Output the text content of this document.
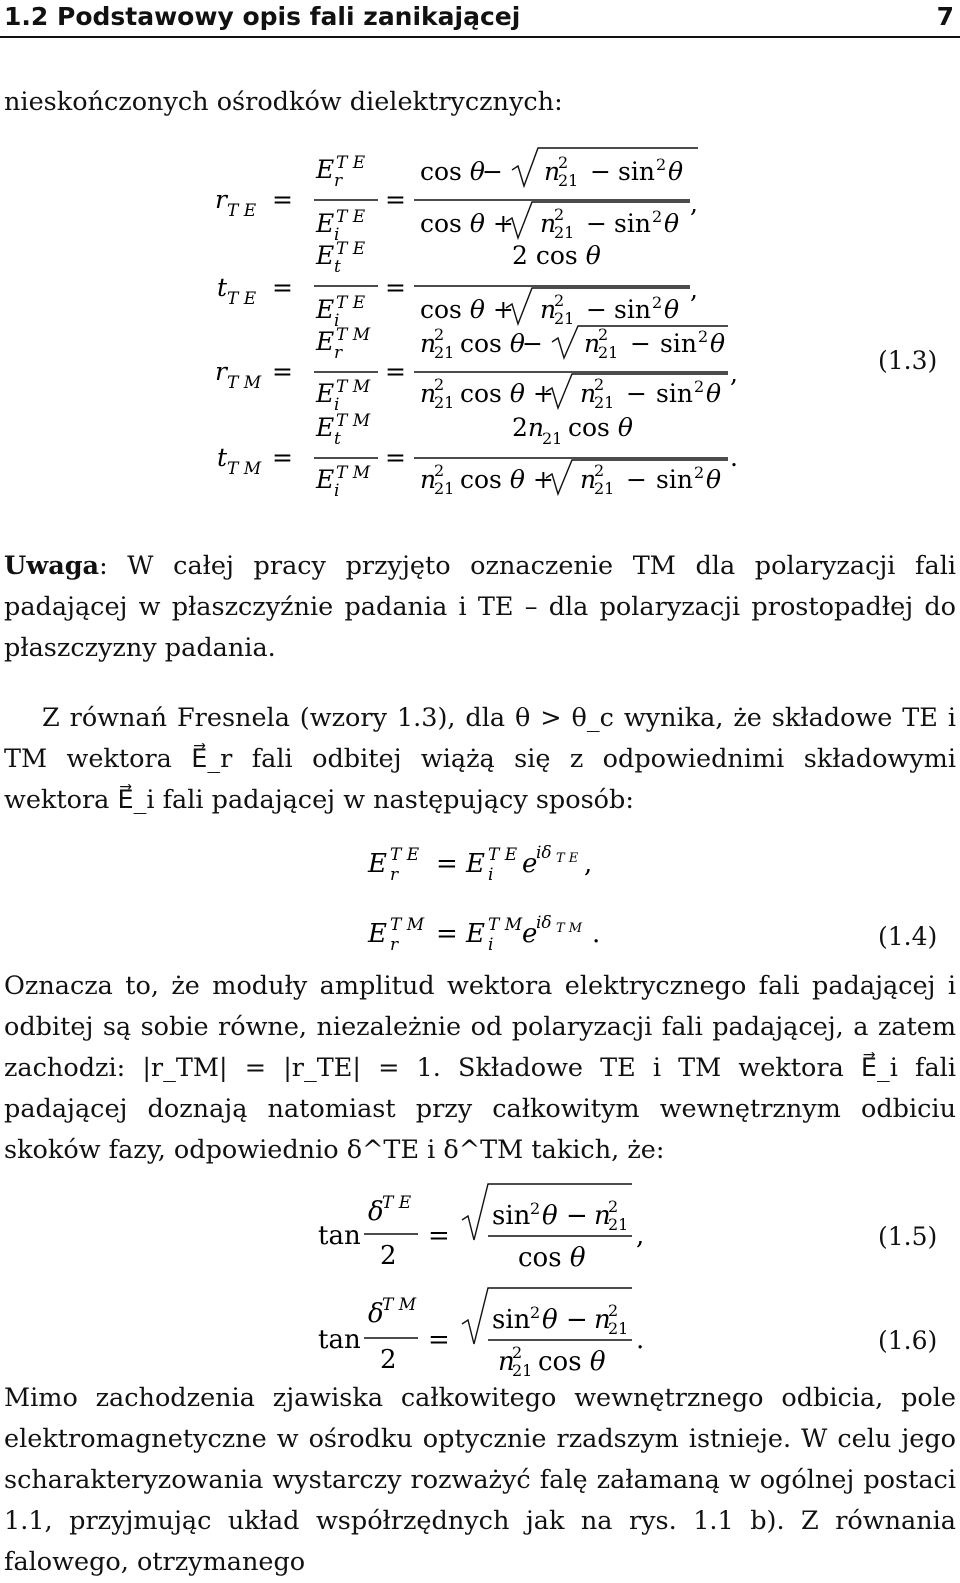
1.2 Podstawowy opis fali zanikającej	7
nieskończonych ośrodków dielektrycznych:
r T E =
E T E
r
E T E
i
=
cos θ
− n
2
21 − sin 2 θ
cos θ + n
2
21 − sin 2 θ
,
t T E =
E T E
t
E T E
i
=
2 cos θ
cos θ + n
2
21 − sin 2 θ
,
r T M =
E T M
r
E T M
i
=
n
2
21 cos θ
− n
2
21 − sin 2 θ
n
2
21 cos θ + n
2
21 − sin 2 θ
,
t T M =
E T M
t
E T M
i
=
2n
21 cos θ
n
2
21 cos θ + n
2
21 − sin 2 θ
.
(1.3)
Uwaga: W całej pracy przyjęto oznaczenie TM dla polaryzacji fali padającej w płaszczyźnie padania i TE – dla polaryzacji prostopadłej do płaszczyzny padania.
Z równań Fresnela (wzory 1.3), dla θ > θ_c wynika, że składowe TE i TM wektora E⃗_r fali odbitej wiążą się z odpowiednimi składowymi wektora E⃗_i fali padającej w następujący sposób:
E T E
r = E T E
i e
iδ T E ,
E T M
r = E T M
i e
iδ T M .	(1.4)
Oznacza to, że moduły amplitud wektora elektrycznego fali padającej i odbitej są sobie równe, niezależnie od polaryzacji fali padającej, a zatem zachodzi: |r_TM| = |r_TE| = 1. Składowe TE i TM wektora E⃗_i fali padającej doznają natomiast przy całkowitym wewnętrznym odbiciu skoków fazy, odpowiednio δ^TE i δ^TM takich, że:
tan
δ
T E
2
=
sin 2 θ − n
2
21
cos θ
,
tan
δ
T M
2
=
sin 2 θ − n
2
21
n
2
21 cos θ
.
(1.5)
(1.6)
Mimo zachodzenia zjawiska całkowitego wewnętrznego odbicia, pole elektromagnetyczne w ośrodku optycznie rzadszym istnieje. W celu jego scharakteryzowania wystarczy rozważyć falę załamaną w ogólnej postaci 1.1, przyjmując układ współrzędnych jak na rys. 1.1 b). Z równania falowego, otrzymanego
